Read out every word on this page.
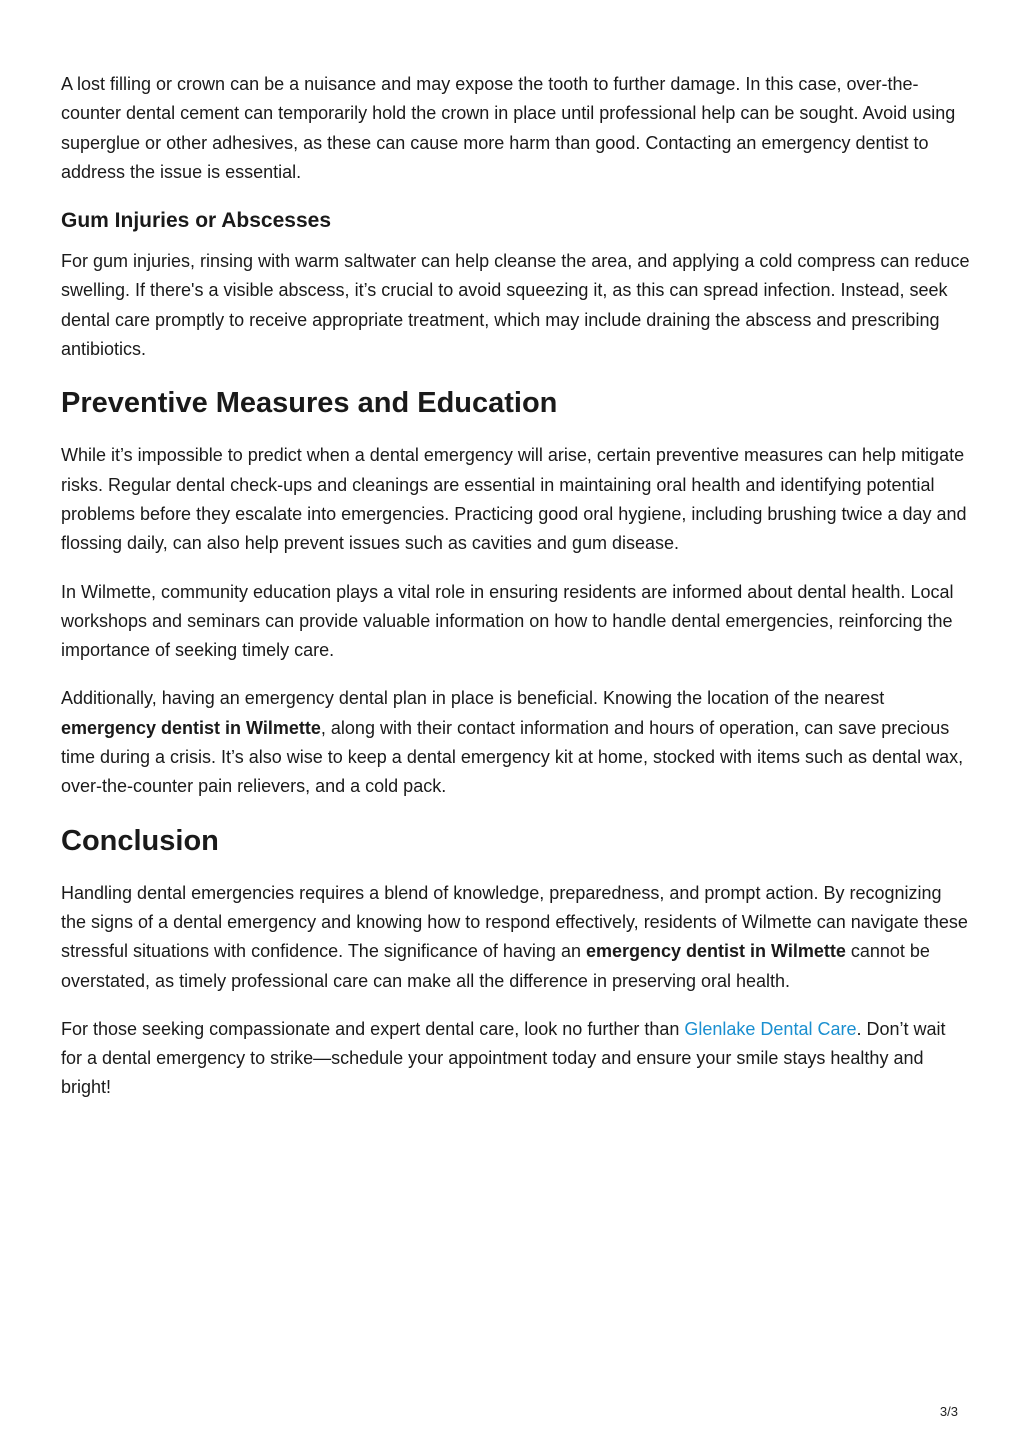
A lost filling or crown can be a nuisance and may expose the tooth to further damage. In this case, over-the-counter dental cement can temporarily hold the crown in place until professional help can be sought. Avoid using superglue or other adhesives, as these can cause more harm than good. Contacting an emergency dentist to address the issue is essential.

Gum Injuries or Abscesses

For gum injuries, rinsing with warm saltwater can help cleanse the area, and applying a cold compress can reduce swelling. If there's a visible abscess, it’s crucial to avoid squeezing it, as this can spread infection. Instead, seek dental care promptly to receive appropriate treatment, which may include draining the abscess and prescribing antibiotics.

Preventive Measures and Education

While it’s impossible to predict when a dental emergency will arise, certain preventive measures can help mitigate risks. Regular dental check-ups and cleanings are essential in maintaining oral health and identifying potential problems before they escalate into emergencies. Practicing good oral hygiene, including brushing twice a day and flossing daily, can also help prevent issues such as cavities and gum disease.

In Wilmette, community education plays a vital role in ensuring residents are informed about dental health. Local workshops and seminars can provide valuable information on how to handle dental emergencies, reinforcing the importance of seeking timely care.

Additionally, having an emergency dental plan in place is beneficial. Knowing the location of the nearest emergency dentist in Wilmette, along with their contact information and hours of operation, can save precious time during a crisis. It’s also wise to keep a dental emergency kit at home, stocked with items such as dental wax, over-the-counter pain relievers, and a cold pack.

Conclusion

Handling dental emergencies requires a blend of knowledge, preparedness, and prompt action. By recognizing the signs of a dental emergency and knowing how to respond effectively, residents of Wilmette can navigate these stressful situations with confidence. The significance of having an emergency dentist in Wilmette cannot be overstated, as timely professional care can make all the difference in preserving oral health.

For those seeking compassionate and expert dental care, look no further than Glenlake Dental Care. Don’t wait for a dental emergency to strike—schedule your appointment today and ensure your smile stays healthy and bright!

3/3
